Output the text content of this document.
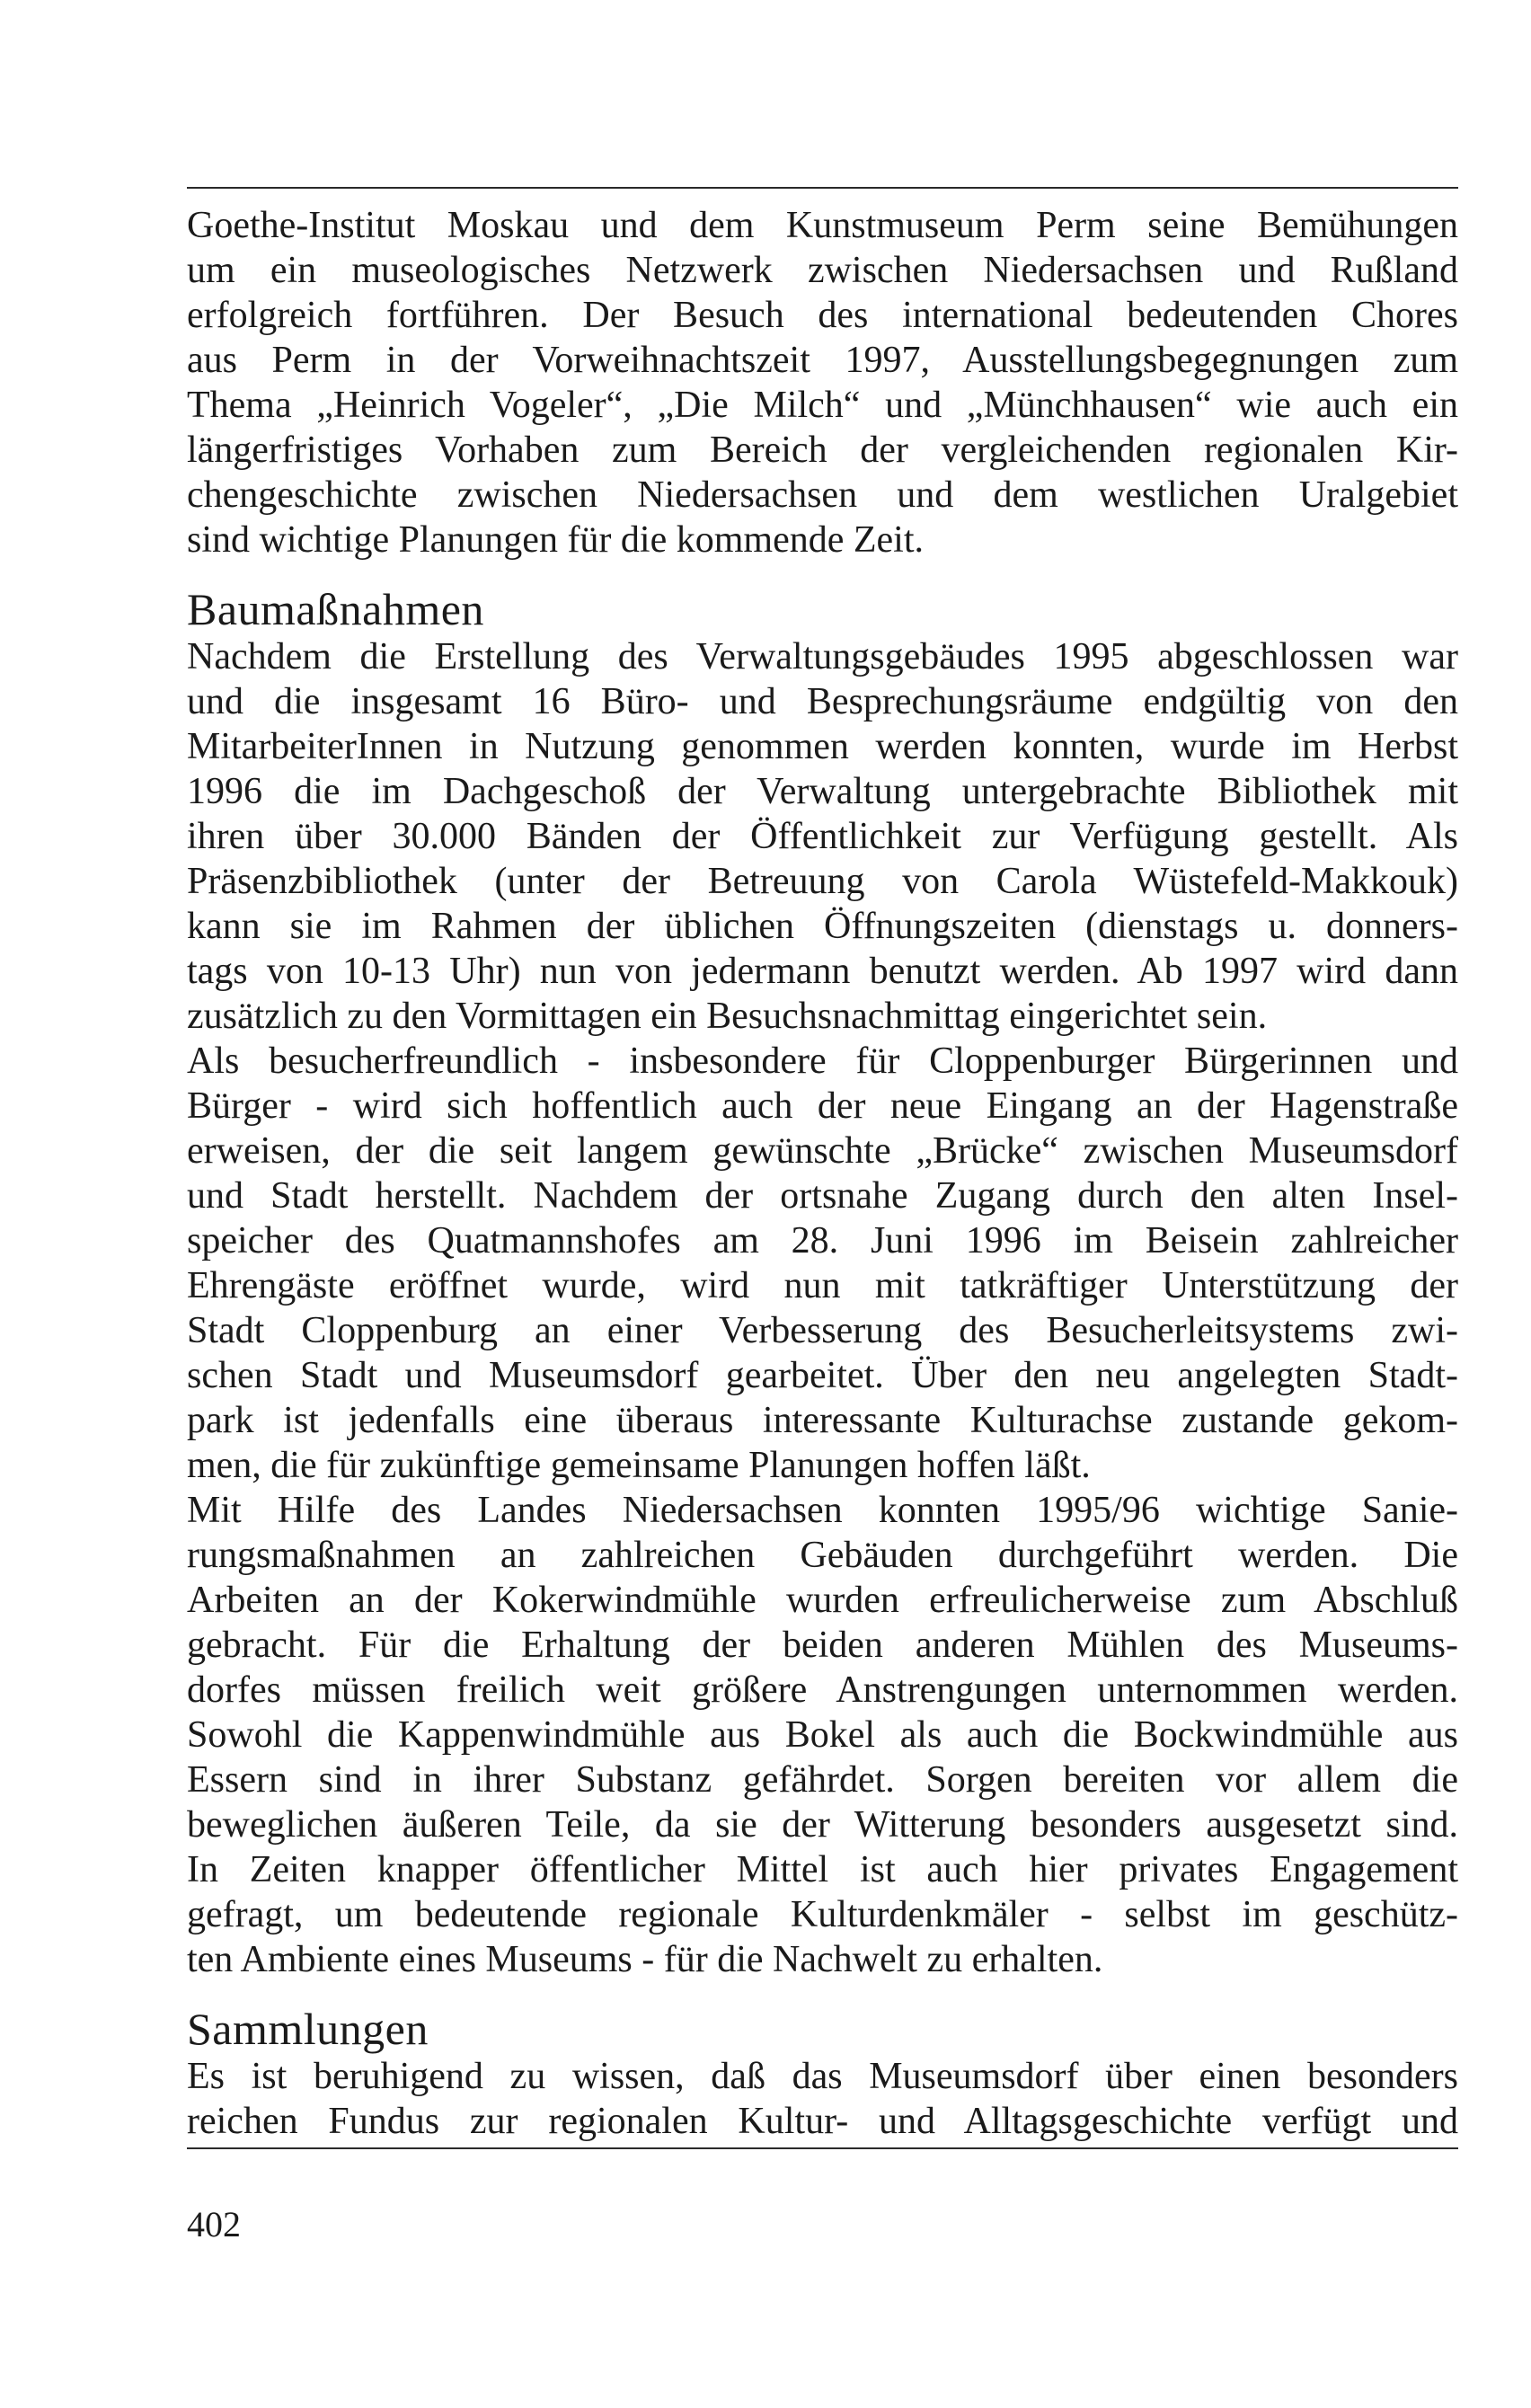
Goethe-Institut Moskau und dem Kunstmuseum Perm seine Bemühungen
um ein museologisches Netzwerk zwischen Niedersachsen und Rußland
erfolgreich fortführen. Der Besuch des international bedeutenden Chores
aus Perm in der Vorweihnachtszeit 1997, Ausstellungsbegegnungen zum
Thema „Heinrich Vogeler“, „Die Milch“ und „Münchhausen“ wie auch ein
längerfristiges Vorhaben zum Bereich der vergleichenden regionalen Kir-
chengeschichte zwischen Niedersachsen und dem westlichen Uralgebiet
sind wichtige Planungen für die kommende Zeit.
Baumaßnahmen
Nachdem die Erstellung des Verwaltungsgebäudes 1995 abgeschlossen war
und die insgesamt 16 Büro- und Besprechungsräume endgültig von den
MitarbeiterInnen in Nutzung genommen werden konnten, wurde im Herbst
1996 die im Dachgeschoß der Verwaltung untergebrachte Bibliothek mit
ihren über 30.000 Bänden der Öffentlichkeit zur Verfügung gestellt. Als
Präsenzbibliothek (unter der Betreuung von Carola Wüstefeld-Makkouk)
kann sie im Rahmen der üblichen Öffnungszeiten (dienstags u. donners-
tags von 10-13 Uhr) nun von jedermann benutzt werden. Ab 1997 wird dann
zusätzlich zu den Vormittagen ein Besuchsnachmittag eingerichtet sein.
Als besucherfreundlich - insbesondere für Cloppenburger Bürgerinnen und
Bürger - wird sich hoffentlich auch der neue Eingang an der Hagenstraße
erweisen, der die seit langem gewünschte „Brücke“ zwischen Museumsdorf
und Stadt herstellt. Nachdem der ortsnahe Zugang durch den alten Insel-
speicher des Quatmannshofes am 28. Juni 1996 im Beisein zahlreicher
Ehrengäste eröffnet wurde, wird nun mit tatkräftiger Unterstützung der
Stadt Cloppenburg an einer Verbesserung des Besucherleitsystems zwi-
schen Stadt und Museumsdorf gearbeitet. Über den neu angelegten Stadt-
park ist jedenfalls eine überaus interessante Kulturachse zustande gekom-
men, die für zukünftige gemeinsame Planungen hoffen läßt.
Mit Hilfe des Landes Niedersachsen konnten 1995/96 wichtige Sanie-
rungsmaßnahmen an zahlreichen Gebäuden durchgeführt werden. Die
Arbeiten an der Kokerwindmühle wurden erfreulicherweise zum Abschluß
gebracht. Für die Erhaltung der beiden anderen Mühlen des Museums-
dorfes müssen freilich weit größere Anstrengungen unternommen werden.
Sowohl die Kappenwindmühle aus Bokel als auch die Bockwindmühle aus
Essern sind in ihrer Substanz gefährdet. Sorgen bereiten vor allem die
beweglichen äußeren Teile, da sie der Witterung besonders ausgesetzt sind.
In Zeiten knapper öffentlicher Mittel ist auch hier privates Engagement
gefragt, um bedeutende regionale Kulturdenkmäler - selbst im geschütz-
ten Ambiente eines Museums - für die Nachwelt zu erhalten.
Sammlungen
Es ist beruhigend zu wissen, daß das Museumsdorf über einen besonders
reichen Fundus zur regionalen Kultur- und Alltagsgeschichte verfügt und
402
